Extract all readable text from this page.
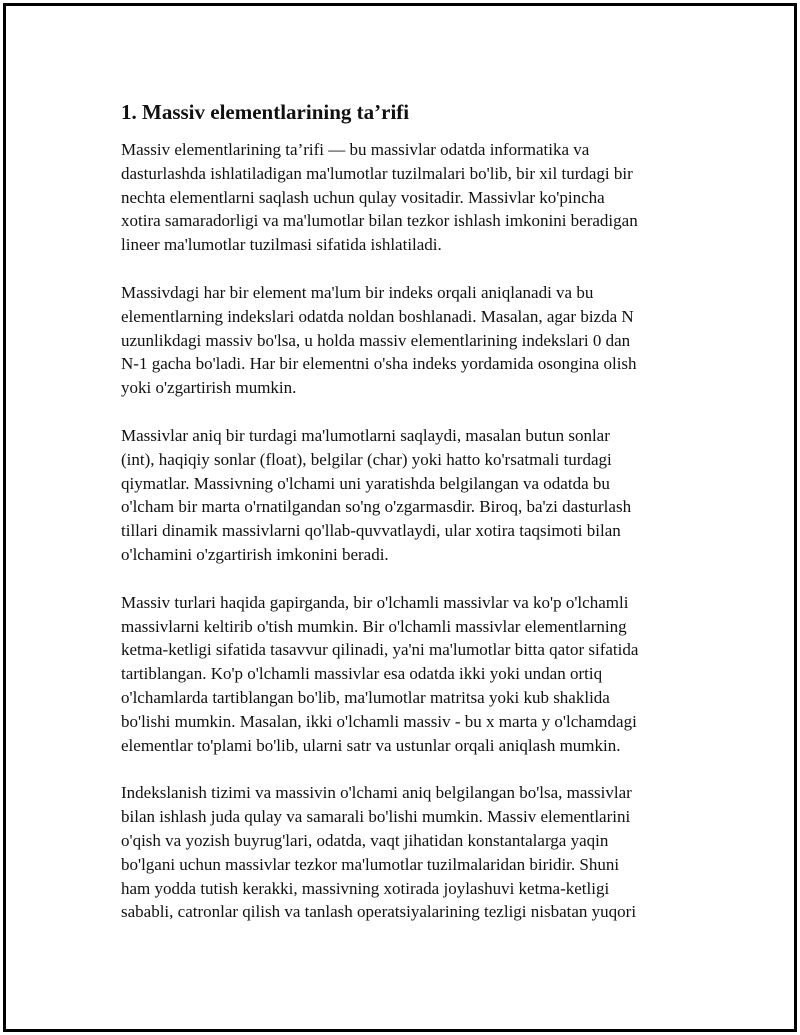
1. Massiv elementlarining ta’rifi

Massiv elementlarining ta’rifi — bu massivlar odatda informatika va
dasturlashda ishlatiladigan ma'lumotlar tuzilmalari bo'lib, bir xil turdagi bir
nechta elementlarni saqlash uchun qulay vositadir. Massivlar ko'pincha
xotira samaradorligi va ma'lumotlar bilan tezkor ishlash imkonini beradigan
lineer ma'lumotlar tuzilmasi sifatida ishlatiladi.

Massivdagi har bir element ma'lum bir indeks orqali aniqlanadi va bu
elementlarning indekslari odatda noldan boshlanadi. Masalan, agar bizda N
uzunlikdagi massiv bo'lsa, u holda massiv elementlarining indekslari 0 dan
N-1 gacha bo'ladi. Har bir elementni o'sha indeks yordamida osongina olish
yoki o'zgartirish mumkin.

Massivlar aniq bir turdagi ma'lumotlarni saqlaydi, masalan butun sonlar
(int), haqiqiy sonlar (float), belgilar (char) yoki hatto ko'rsatmali turdagi
qiymatlar. Massivning o'lchami uni yaratishda belgilangan va odatda bu
o'lcham bir marta o'rnatilgandan so'ng o'zgarmasdir. Biroq, ba'zi dasturlash
tillari dinamik massivlarni qo'llab-quvvatlaydi, ular xotira taqsimoti bilan
o'lchamini o'zgartirish imkonini beradi.

Massiv turlari haqida gapirganda, bir o'lchamli massivlar va ko'p o'lchamli
massivlarni keltirib o'tish mumkin. Bir o'lchamli massivlar elementlarning
ketma-ketligi sifatida tasavvur qilinadi, ya'ni ma'lumotlar bitta qator sifatida
tartiblangan. Ko'p o'lchamli massivlar esa odatda ikki yoki undan ortiq
o'lchamlarda tartiblangan bo'lib, ma'lumotlar matritsa yoki kub shaklida
bo'lishi mumkin. Masalan, ikki o'lchamli massiv - bu x marta y o'lchamdagi
elementlar to'plami bo'lib, ularni satr va ustunlar orqali aniqlash mumkin.

Indekslanish tizimi va massivin o'lchami aniq belgilangan bo'lsa, massivlar
bilan ishlash juda qulay va samarali bo'lishi mumkin. Massiv elementlarini
o'qish va yozish buyrug'lari, odatda, vaqt jihatidan konstantalarga yaqin
bo'lgani uchun massivlar tezkor ma'lumotlar tuzilmalaridan biridir. Shuni
ham yodda tutish kerakki, massivning xotirada joylashuvi ketma-ketligi
sababli, catronlar qilish va tanlash operatsiyalarining tezligi nisbatan yuqori
